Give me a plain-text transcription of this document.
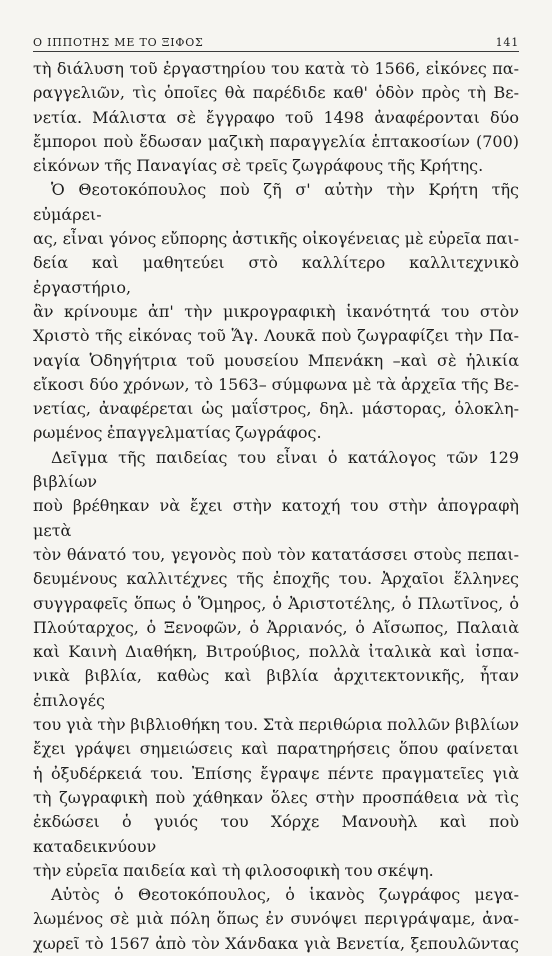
Ο ΙΠΠΟΤΗΣ ΜΕ ΤΟ ΞΙΦΟΣ	141

τὴ διάλυση τοῦ ἐργαστηρίου του κατὰ τὸ 1566, εἰκόνες πα-

ραγγελιῶν, τὶς ὁποῖες θὰ παρέδιδε καθ' ὁδὸν πρὸς τὴ Βε-

νετία. Μάλιστα σὲ ἔγγραφο τοῦ 1498 ἀναφέρονται δύο

ἔμποροι ποὺ ἔδωσαν μαζικὴ παραγγελία ἑπτακοσίων (700)

εἰκόνων τῆς Παναγίας σὲ τρεῖς ζωγράφους τῆς Κρήτης.

Ὁ Θεοτοκόπουλος ποὺ ζῆ σ' αὐτὴν τὴν Κρήτη τῆς εὐμάρει-

ας, εἶναι γόνος εὔπορης ἀστικῆς οἰκογένειας μὲ εὐρεῖα παι-

δεία καὶ μαθητεύει στὸ καλλίτερο καλλιτεχνικὸ ἐργαστήριο,

ἂν κρίνουμε ἀπ' τὴν μικρογραφικὴ ἱκανότητά του στὸν

Χριστὸ τῆς εἰκόνας τοῦ Ἅγ. Λουκᾶ ποὺ ζωγραφίζει τὴν Πα-

ναγία Ὁδηγήτρια τοῦ μουσείου Μπενάκη –καὶ σὲ ἡλικία

εἴκοσι δύο χρόνων, τὸ 1563– σύμφωνα μὲ τὰ ἀρχεῖα τῆς Βε-

νετίας, ἀναφέρεται ὡς μαΐστρος, δηλ. μάστορας, ὁλοκλη-

ρωμένος ἐπαγγελματίας ζωγράφος.

Δεῖγμα τῆς παιδείας του εἶναι ὁ κατάλογος τῶν 129 βιβλίων

ποὺ βρέθηκαν νὰ ἔχει στὴν κατοχή του στὴν ἀπογραφὴ μετὰ

τὸν θάνατό του, γεγονὸς ποὺ τὸν κατατάσσει στοὺς πεπαι-

δευμένους καλλιτέχνες τῆς ἐποχῆς του. Ἀρχαῖοι ἕλληνες

συγγραφεῖς ὅπως ὁ Ὅμηρος, ὁ Ἀριστοτέλης, ὁ Πλωτῖνος, ὁ

Πλούταρχος, ὁ Ξενοφῶν, ὁ Ἀρριανός, ὁ Αἴσωπος, Παλαιὰ

καὶ Καινὴ Διαθήκη, Βιτρούβιος, πολλὰ ἰταλικὰ καὶ ἰσπα-

νικὰ βιβλία, καθὼς καὶ βιβλία ἀρχιτεκτονικῆς, ἦταν ἐπιλογές

του γιὰ τὴν βιβλιοθήκη του. Στὰ περιθώρια πολλῶν βιβλίων

ἔχει γράψει σημειώσεις καὶ παρατηρήσεις ὅπου φαίνεται

ἡ ὀξυδέρκειά του. Ἐπίσης ἔγραψε πέντε πραγματεῖες γιὰ

τὴ ζωγραφικὴ ποὺ χάθηκαν ὅλες στὴν προσπάθεια νὰ τὶς

ἐκδώσει ὁ γυιός του Χόρχε Μανουὴλ καὶ ποὺ καταδεικνύουν

τὴν εὐρεῖα παιδεία καὶ τὴ φιλοσοφικὴ του σκέψη.

Αὐτὸς ὁ Θεοτοκόπουλος, ὁ ἱκανὸς ζωγράφος μεγα-

λωμένος σὲ μιὰ πόλη ὅπως ἐν συνόψει περιγράψαμε, ἀνα-

χωρεῖ τὸ 1567 ἀπὸ τὸν Χάνδακα γιὰ Βενετία, ξεπουλῶντας
